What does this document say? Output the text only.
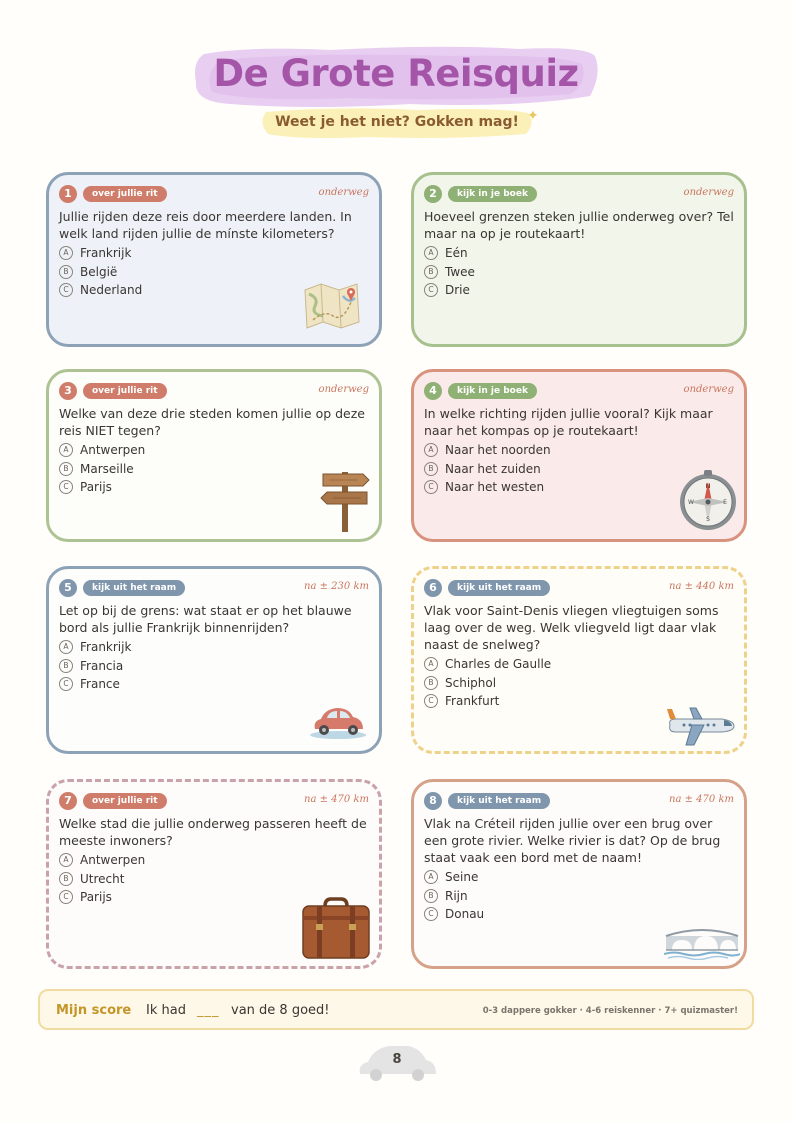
De Grote Reisquiz
Weet je het niet? Gokken mag! ✦
1	over jullie rit	onderweg
Jullie rijden deze reis door meerdere landen. In welk land rijden jullie de mínste kilometers?
A Frankrijk
B België
C Nederland
2	kijk in je boek	onderweg
Hoeveel grenzen steken jullie onderweg over? Tel maar na op je routekaart!
A Eén
B Twee
C Drie
3	over jullie rit	onderweg
Welke van deze drie steden komen jullie op deze reis NIET tegen?
A Antwerpen
B Marseille
C Parijs
4	kijk in je boek	onderweg
In welke richting rijden jullie vooral? Kijk maar naar het kompas op je routekaart!
A Naar het noorden
B Naar het zuiden
C Naar het westen	N
E
S
W
5	kijk uit het raam	na ± 230 km
Let op bij de grens: wat staat er op het blauwe bord als jullie Frankrijk binnenrijden?
A Frankrijk
B Francia
C France
6	kijk uit het raam	na ± 440 km
Vlak voor Saint-Denis vliegen vliegtuigen soms laag over de weg. Welk vliegveld ligt daar vlak naast de snelweg?
A Charles de Gaulle
B Schiphol
C Frankfurt
7	over jullie rit	na ± 470 km
Welke stad die jullie onderweg passeren heeft de meeste inwoners?
A Antwerpen
B Utrecht
C Parijs
8	kijk uit het raam	na ± 470 km
Vlak na Créteil rijden jullie over een brug over een grote rivier. Welke rivier is dat? Op de brug staat vaak een bord met de naam!
A Seine
B Rijn
C Donau
Mijn score Ik had ___ van de 8 goed!	0-3 dappere gokker · 4-6 reiskenner · 7+ quizmaster!
8
